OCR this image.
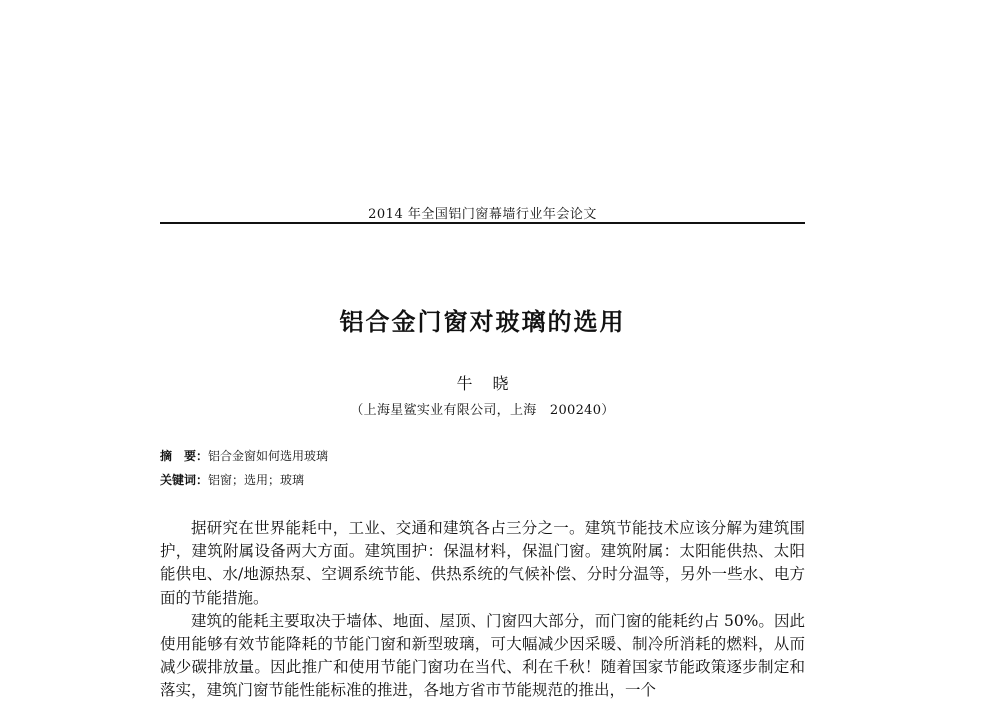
2014 年全国铝门窗幕墙行业年会论文
铝合金门窗对玻璃的选用
牛晓
（上海星鲨实业有限公司，上海　200240）
摘　要：铝合金窗如何选用玻璃
关键词：铝窗；选用；玻璃

据研究在世界能耗中，工业、交通和建筑各占三分之一。建筑节能技术应该分解为建筑围护，建筑附属设备两大方面。建筑围护：保温材料，保温门窗。建筑附属：太阳能供热、太阳能供电、水/地源热泵、空调系统节能、供热系统的气候补偿、分时分温等，另外一些水、电方面的节能措施。

建筑的能耗主要取决于墙体、地面、屋顶、门窗四大部分，而门窗的能耗约占 50%。因此使用能够有效节能降耗的节能门窗和新型玻璃，可大幅减少因采暖、制冷所消耗的燃料，从而减少碳排放量。因此推广和使用节能门窗功在当代、利在千秋！随着国家节能政策逐步制定和落实，建筑门窗节能性能标准的推进，各地方省市节能规范的推出，一个
